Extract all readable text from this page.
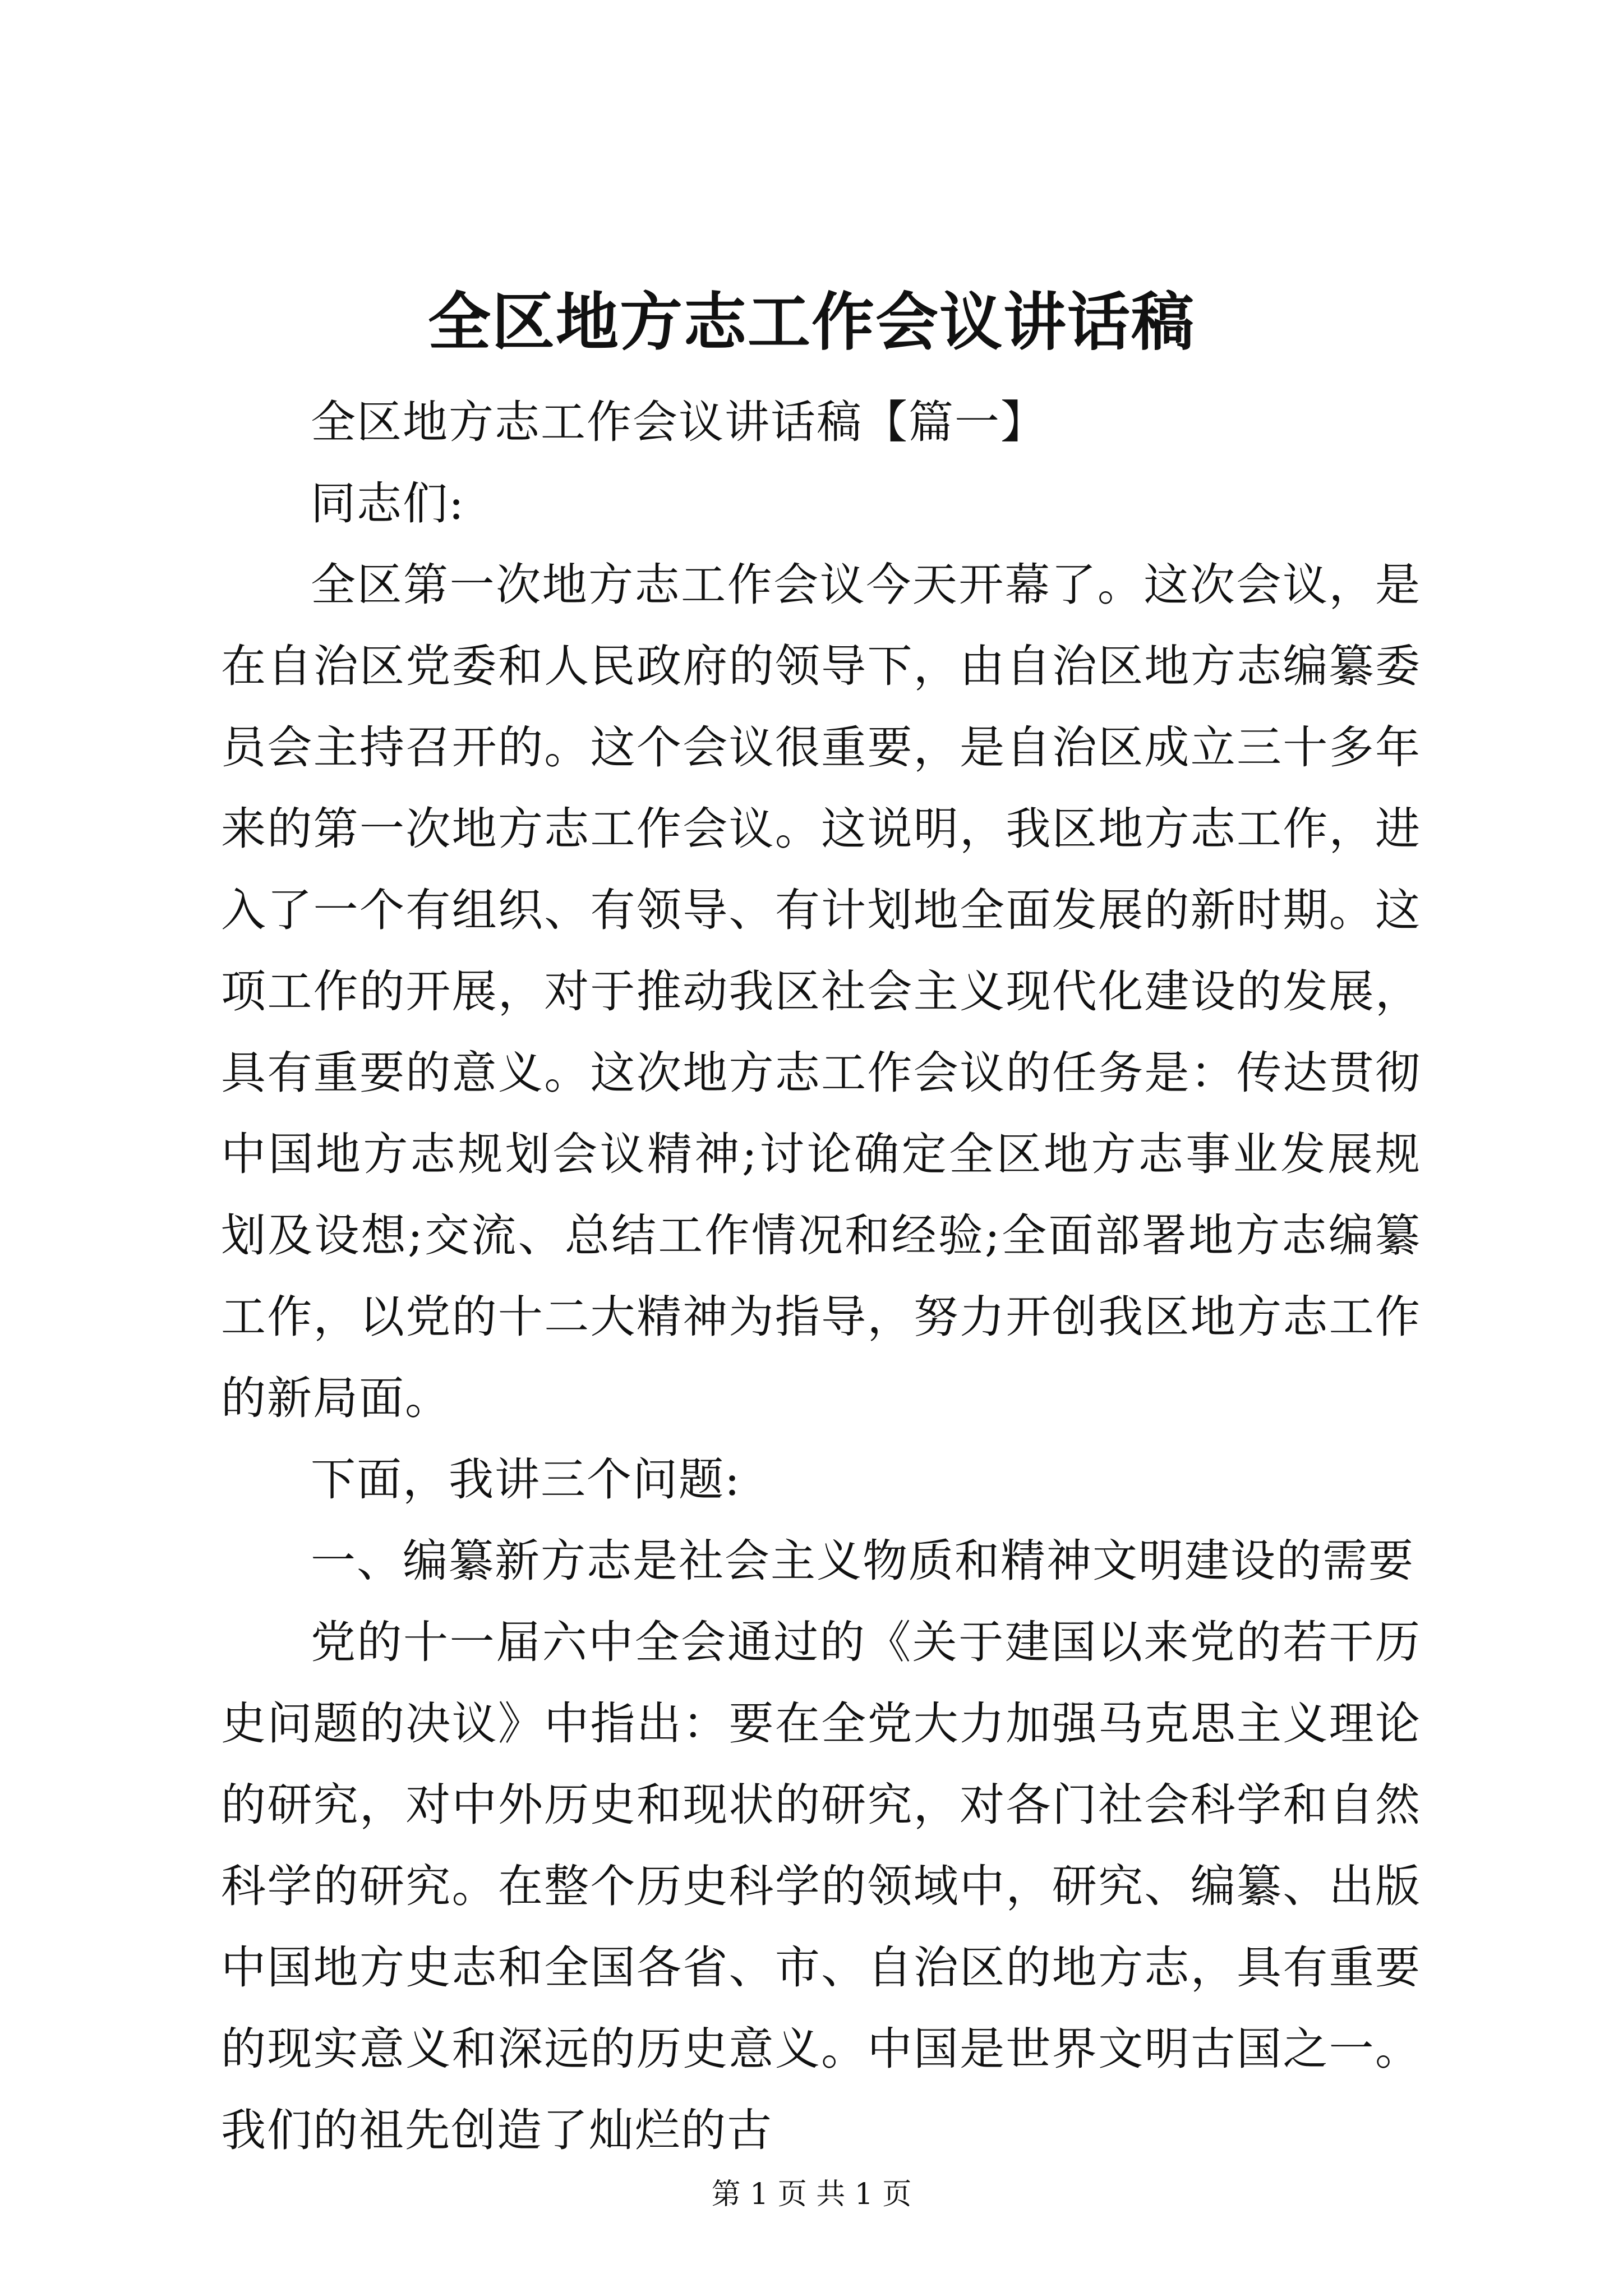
全区地方志工作会议讲话稿

全区地方志工作会议讲话稿【篇一】

同志们:

全区第一次地方志工作会议今天开幕了。这次会议，是在自治区党委和人民政府的领导下，由自治区地方志编纂委员会主持召开的。这个会议很重要，是自治区成立三十多年来的第一次地方志工作会议。这说明，我区地方志工作，进入了一个有组织、有领导、有计划地全面发展的新时期。这项工作的开展，对于推动我区社会主义现代化建设的发展，具有重要的意义。这次地方志工作会议的任务是：传达贯彻中国地方志规划会议精神;讨论确定全区地方志事业发展规划及设想;交流、总结工作情况和经验;全面部署地方志编纂工作，以党的十二大精神为指导，努力开创我区地方志工作的新局面。

下面，我讲三个问题:

一、编纂新方志是社会主义物质和精神文明建设的需要

党的十一届六中全会通过的《关于建国以来党的若干历史问题的决议》中指出：要在全党大力加强马克思主义理论的研究，对中外历史和现状的研究，对各门社会科学和自然科学的研究。在整个历史科学的领域中，研究、编纂、出版中国地方史志和全国各省、市、自治区的地方志，具有重要的现实意义和深远的历史意义。中国是世界文明古国之一。我们的祖先创造了灿烂的古

第 1 页 共 1 页
